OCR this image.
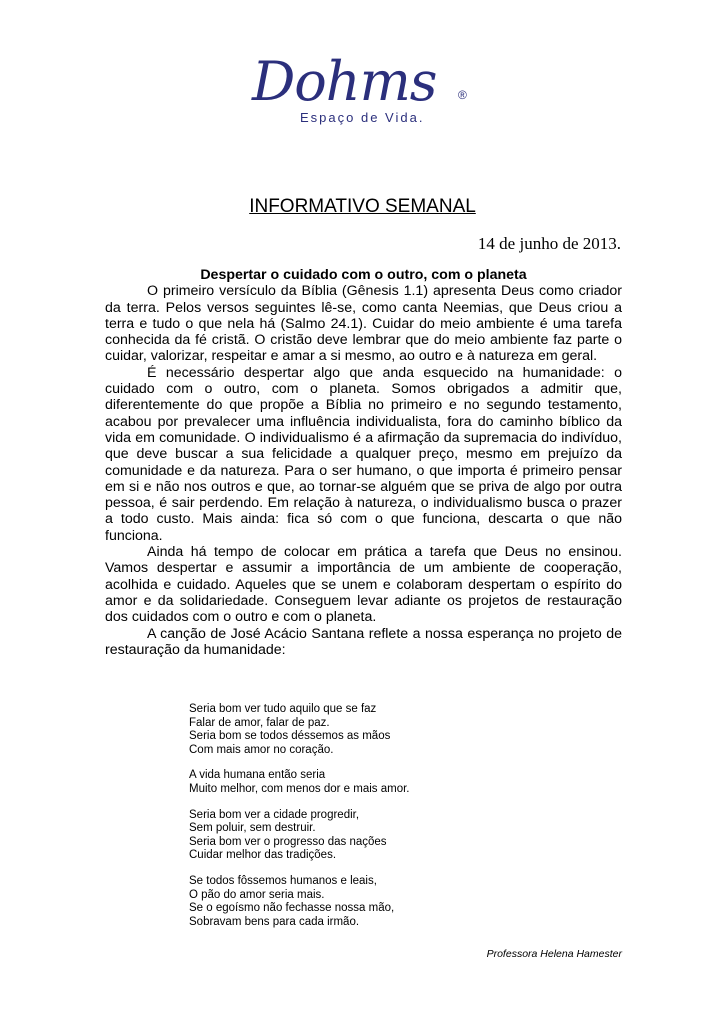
Dohms ®
Espaço de Vida.
INFORMATIVO SEMANAL
14 de junho de 2013.

Despertar o cuidado com o outro, com o planeta

O primeiro versículo da Bíblia (Gênesis 1.1) apresenta Deus como criador da terra. Pelos versos seguintes lê-se, como canta Neemias, que Deus criou a terra e tudo o que nela há (Salmo 24.1). Cuidar do meio ambiente é uma tarefa conhecida da fé cristã. O cristão deve lembrar que do meio ambiente faz parte o cuidar, valorizar, respeitar e amar a si mesmo, ao outro e à natureza em geral.

É necessário despertar algo que anda esquecido na humanidade: o cuidado com o outro, com o planeta. Somos obrigados a admitir que, diferentemente do que propõe a Bíblia no primeiro e no segundo testamento, acabou por prevalecer uma influência individualista, fora do caminho bíblico da vida em comunidade. O individualismo é a afirmação da supremacia do indivíduo, que deve buscar a sua felicidade a qualquer preço, mesmo em prejuízo da comunidade e da natureza. Para o ser humano, o que importa é primeiro pensar em si e não nos outros e que, ao tornar-se alguém que se priva de algo por outra pessoa, é sair perdendo. Em relação à natureza, o individualismo busca o prazer a todo custo. Mais ainda: fica só com o que funciona, descarta o que não funciona.

Ainda há tempo de colocar em prática a tarefa que Deus no ensinou. Vamos despertar e assumir a importância de um ambiente de cooperação, acolhida e cuidado. Aqueles que se unem e colaboram despertam o espírito do amor e da solidariedade. Conseguem levar adiante os projetos de restauração dos cuidados com o outro e com o planeta.

A canção de José Acácio Santana reflete a nossa esperança no projeto de restauração da humanidade:

Seria bom ver tudo aquilo que se faz
Falar de amor, falar de paz.
Seria bom se todos déssemos as mãos
Com mais amor no coração.
A vida humana então seria
Muito melhor, com menos dor e mais amor.
Seria bom ver a cidade progredir,
Sem poluir, sem destruir.
Seria bom ver o progresso das nações
Cuidar melhor das tradições.
Se todos fôssemos humanos e leais,
O pão do amor seria mais.
Se o egoísmo não fechasse nossa mão,
Sobravam bens para cada irmão.
Professora Helena Hamester
